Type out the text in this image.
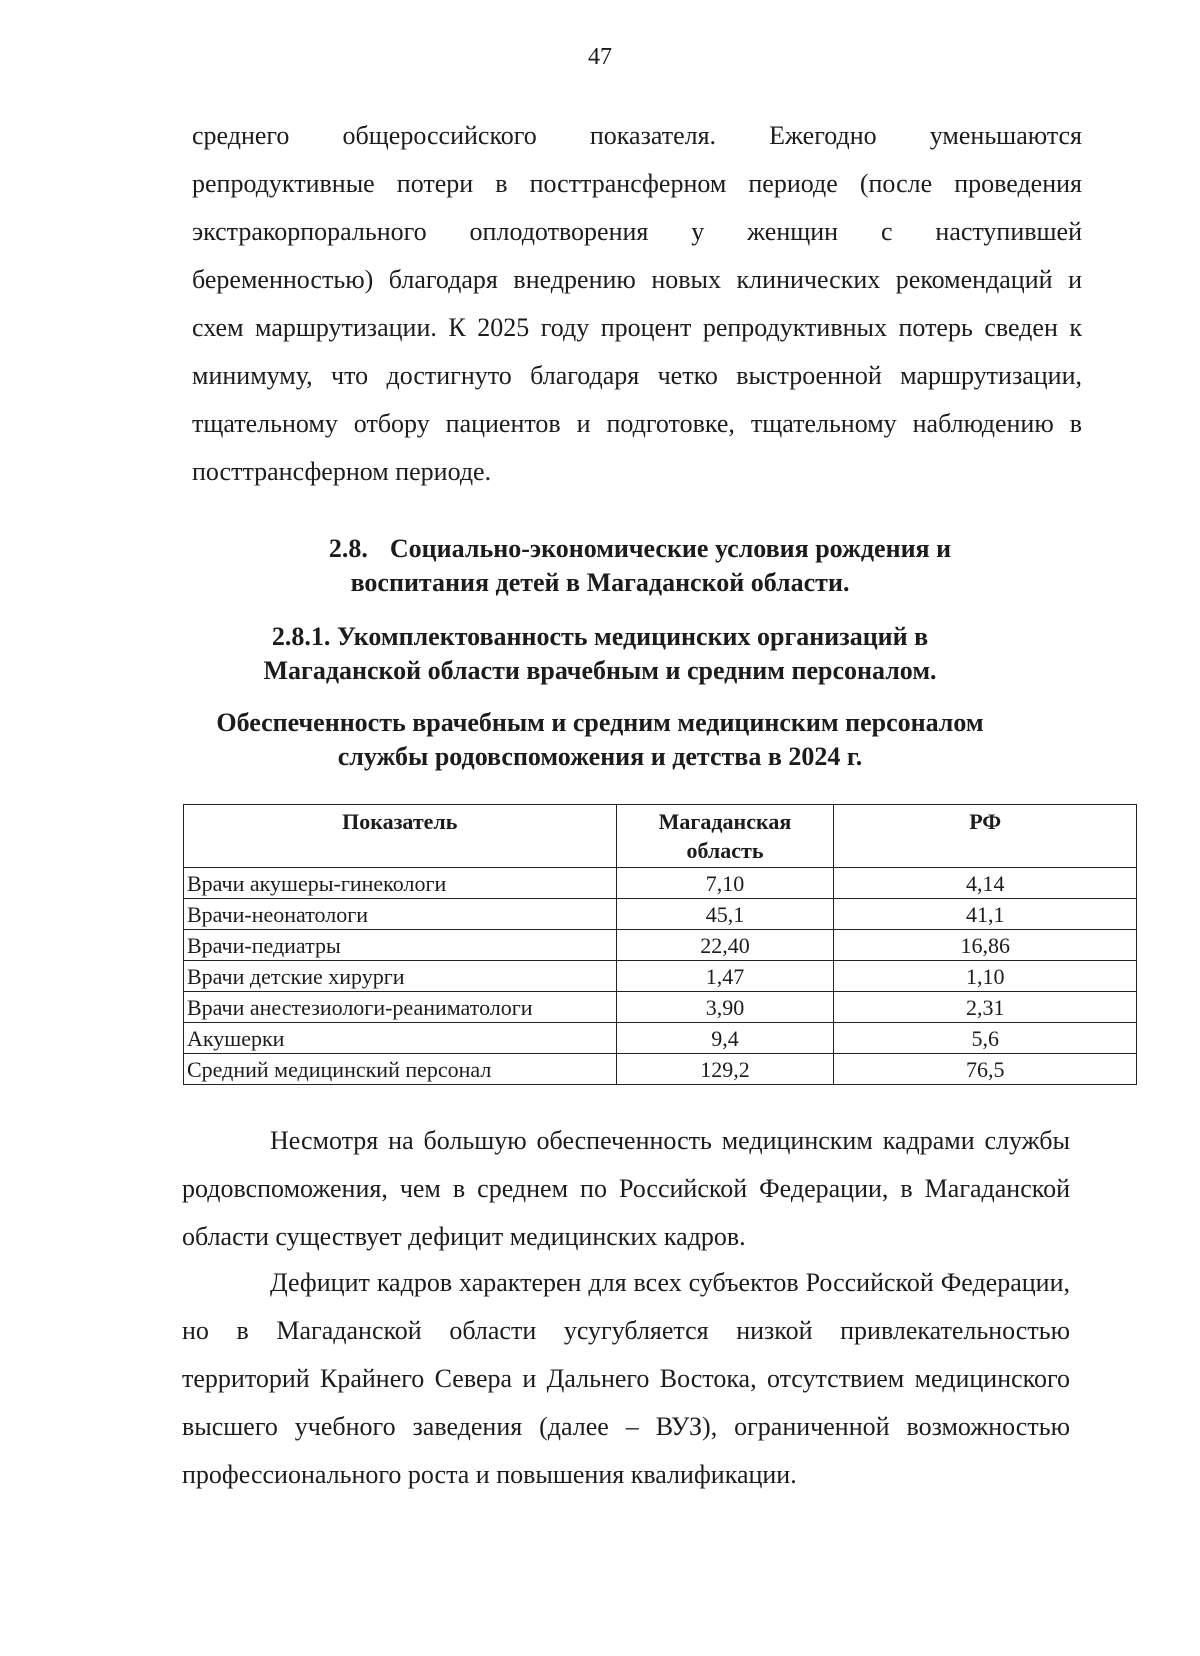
47

среднего общероссийского показателя. Ежегодно уменьшаются репродуктивные потери в посттрансферном периоде (после проведения экстракорпорального оплодотворения у женщин с наступившей беременностью) благодаря внедрению новых клинических рекомендаций и схем маршрутизации. К 2025 году процент репродуктивных потерь сведен к минимуму, что достигнуто благодаря четко выстроенной маршрутизации, тщательному отбору пациентов и подготовке, тщательному наблюдению в посттрансферном периоде.

2.8. Социально-экономические условия рождения и
воспитания детей в Магаданской области.
2.8.1. Укомплектованность медицинских организаций в
Магаданской области врачебным и средним персоналом.
Обеспеченность врачебным и средним медицинским персоналом
службы родовспоможения и детства в 2024 г.
Показатель	Магаданская область	РФ
Врачи акушеры-гинекологи	7,10	4,14
Врачи-неонатологи	45,1	41,1
Врачи-педиатры	22,40	16,86
Врачи детские хирурги	1,47	1,10
Врачи анестезиологи-реаниматологи	3,90	2,31
Акушерки	9,4	5,6
Средний медицинский персонал	129,2	76,5

Несмотря на большую обеспеченность медицинским кадрами службы родовспоможения, чем в среднем по Российской Федерации, в Магаданской области существует дефицит медицинских кадров.

Дефицит кадров характерен для всех субъектов Российской Федерации, но в Магаданской области усугубляется низкой привлекательностью территорий Крайнего Севера и Дальнего Востока, отсутствием медицинского высшего учебного заведения (далее – ВУЗ), ограниченной возможностью профессионального роста и повышения квалификации.
